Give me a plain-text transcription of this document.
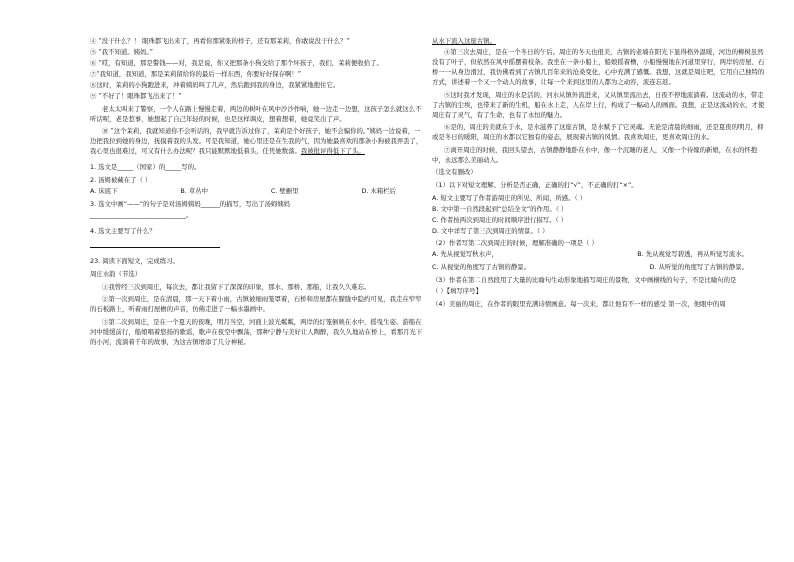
④ “没干什么？！ 眼珠都飞出来了，再看你那紧张的样子，还有那茉莉，你敢说没干什么？”

⑤ “我不知道。姨妈。”

⑥ “哎，有知道，那是警钱——对，我是说，你又把那条小狗交给了那个坏孩子，我们，茉莉便收拾了。

⑦“我知道，我知道，那是茉莉留给你的最后一样东西，你要好好保存啊！”

⑧这时，茉莉的小狗跑进来，冲着姨妈叫了几声，然后跑到我的身边，我紧紧地抱住它。

⑨ “不好了！眼珠都飞出来了！”

老太太叫来了警察，一个人在路上慢慢走着，两边的树叶在风中沙沙作响，她一边走一边想，这孩子怎么就这么不听话呢，老是惹事，她想起了自己年轻的时候，也是这样调皮，想着想着，她竟笑出了声。

⑩ “这个茉莉，我就知道你不会听话的，我早就告诉过你了，茉莉是个好孩子，她不会骗你的。”姨妈一边说着，一边把我拉到她的身边，抚摸着我的头发。可是我知道，她心里还是在生我的气，因为她最喜欢的那条小狗被我弄丢了，我心里也很难过，可又有什么办法呢？我只能默默地低着头，任凭她数落。我被批评得低下了头。

1. 选文是_____（国家）的_____写的。

2. 汤姆被藏在了（ ）

A. 床底下	B. 草丛中	C. 壁橱里	D. 木箱栏后

3. 选文中画“——”的句子是对汤姆姨妈______的描写，写出了汤姆姨妈

______________________________。

4. 选文主要写了什么？

23. 阅读下面短文，完成练习。

周庄水韵（节选）

①我曾经三次到周庄，每次去，都让我留下了深深的印象，那水、那桥、那船，让我久久难忘。

②第一次到周庄，是在清晨，那一天下着小雨，古镇被细雨笼罩着，石桥和房屋都在朦胧中隐约可见，我走在窄窄的石板路上，听着雨打屋檐的声音，仿佛走进了一幅水墨画中。

③第二次到周庄，是在一个夏天的夜晚，明月当空，河面上波光粼粼，两岸的灯笼倒映在水中，摇曳生姿。游船在河中缓缓前行，船娘唱着悠扬的歌谣，歌声在夜空中飘荡，那种宁静与美好让人陶醉，我久久地站在桥上，看那月光下的小河，流淌着千年的故事，为这古镇增添了几分神秘。

从水下流入这座古镇。

④第三次去周庄，是在一个冬日的午后。周庄的冬天也很美，古镇的老墙在阳光下显得格外温暖，河边的柳树虽然没有了叶子，但依然在风中摇摆着枝条。我坐在一条小船上，船娘摇着橹，小船慢慢地在河道里穿行，两岸的房屋、石桥一一从身边滑过，我仿佛看到了古镇几百年来的沧桑变化，心中充满了感慨。我想，这就是周庄吧，它用自己独特的方式，讲述着一个又一个动人的故事，让每一个来到这里的人都为之动容，流连忘返。

⑤这时我才发现，周庄的水是活的，河水从镇外流进来，又从镇里流出去，日夜不停地流淌着。这流动的水，带走了古镇的尘埃，也带来了新的生机，船在水上走，人在岸上行，构成了一幅动人的画面。我想，正是这流动的水，才使周庄有了灵气，有了生命，也有了永恒的魅力。

⑥是的，周庄的美就在于水，是水滋养了这座古镇，是水赋予了它灵魂。无论是清晨的细雨，还是夏夜的明月，抑或是冬日的暖阳，周庄的水都以它独有的姿态，展现着古镇的风情。我喜欢周庄，更喜欢周庄的水。

⑦离开周庄的时候，我回头望去，古镇静静地卧在水中，像一个沉睡的老人，又像一个待嫁的新娘，在水的怀抱中，永远那么美丽动人。

（选文有删改）

（1）以下对短文理解、分析是否正确，正确的打“√”，不正确的打“×”。

A. 短文主要写了作者游周庄的所见、所闻、所感。（ ）

B. 文中第一自然段起到“总结全文”的作用。（ ）

C. 作者按两次到周庄的时间顺序进行描写。（ ）

D. 文中详写了第三次到周庄的情景。（ ）

（2）作者写第二次到周庄的时候，理解准确的一项是（ ）

A. 先从视觉写秋水声，	B. 先从视觉写碧透，再从听觉写流水。
C. 从视觉的角度写了古镇的静景。	D. 从听觉的角度写了古镇的静景。

（3）作者在第二自然段用了大量的比喻句生动形象地描写周庄的景物，文中画横线的句子，不是比喻句的是

（ ）【填写序号】

（4）美丽的周庄，在作者的眼里充满诗情画意。每一次来，都让他有不一样的感受 第一次，他眼中的周
